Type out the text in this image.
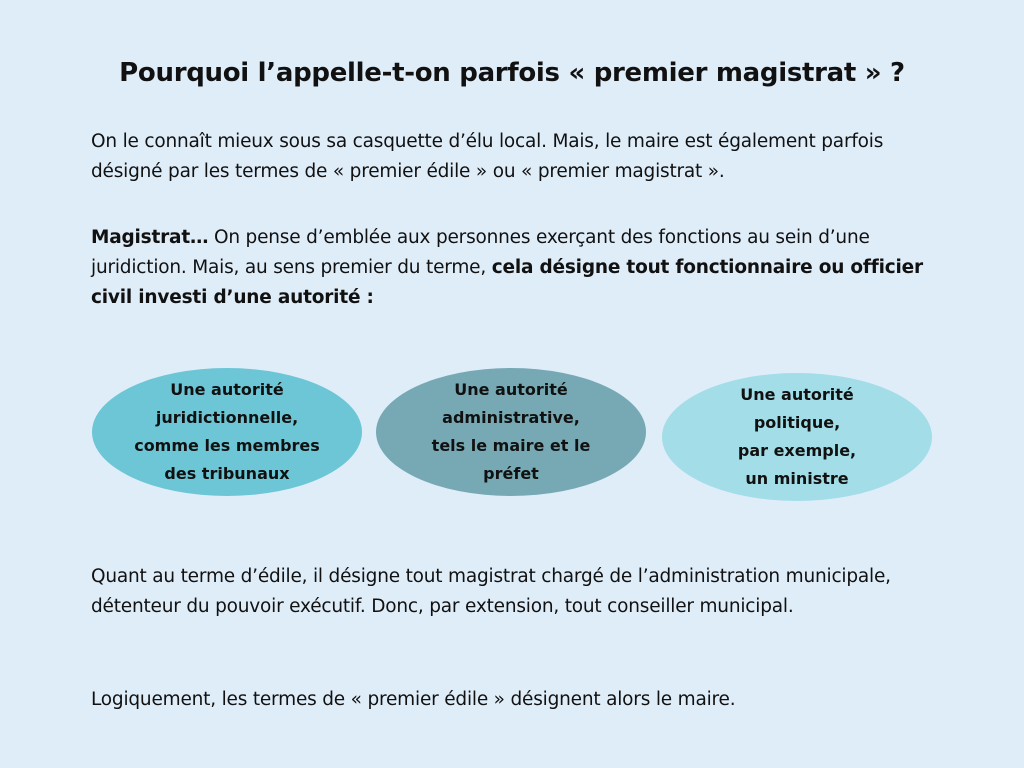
Pourquoi l’appelle-t-on parfois « premier magistrat » ?

On le connaît mieux sous sa casquette d’élu local. Mais, le maire est également parfois désigné par les termes de « premier édile » ou « premier magistrat ».

Magistrat… On pense d’emblée aux personnes exerçant des fonctions au sein d’une juridiction. Mais, au sens premier du terme, cela désigne tout fonctionnaire ou officier civil investi d’une autorité :

Une autorité
juridictionnelle,
comme les membres
des tribunaux
Une autorité
administrative,
tels le maire et le
préfet
Une autorité
politique,
par exemple,
un ministre

Quant au terme d’édile, il désigne tout magistrat chargé de l’administration municipale, détenteur du pouvoir exécutif. Donc, par extension, tout conseiller municipal.

Logiquement, les termes de « premier édile » désignent alors le maire.
